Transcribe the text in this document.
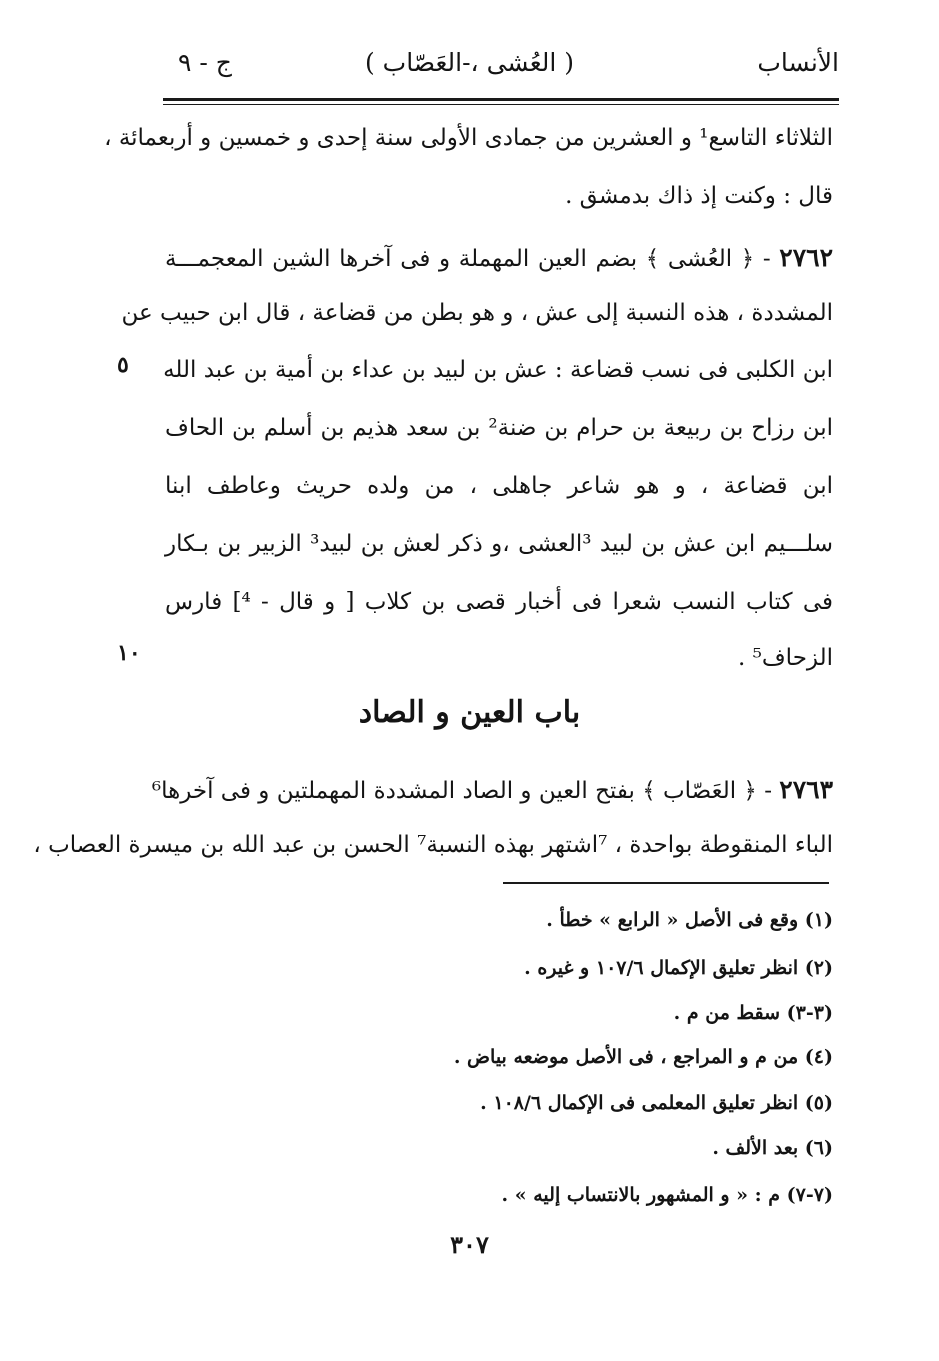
الأنساب
( العُشى ،-العَصّاب )
ج - ٩
الثلاثاء التاسع¹ و العشرين من جمادى الأولى سنة إحدى و خمسين و أربعمائة ،
قال : وكنت إذ ذاك بدمشق .
٢٧٦٢ - ﴿ العُشى ﴾ بضم العين المهملة و فى آخرها الشين المعجمـــة
المشددة ، هذه النسبة إلى عش ، و هو بطن من قضاعة ، قال ابن حبيب عن
ابن الكلبى فى نسب قضاعة : عش بن لبيد بن عداء بن أمية بن عبد الله
ابن رزاح بن ربيعة بن حرام بن ضنة² بن سعد هذيم بن أسلم بن الحاف
ابن قضاعة ، و هو شاعر جاهلى ، من ولده حريث وعاطف ابنا
سلـــيم ابن عش بن لبيد ³العشى ،و ذكر لعش بن لبيد³ الزبير بن بـكار
فى كتاب النسب شعرا فى أخبار قصى بن كلاب [ و قال - ⁴] فارس
الزحاف⁵ .
٥
١٠
باب العين و الصاد
٢٧٦٣ - ﴿ العَصّاب ﴾ بفتح العين و الصاد المشددة المهملتين و فى آخرها⁶
الباء المنقوطة بواحدة ، ⁷اشتهر بهذه النسبة⁷ الحسن بن عبد الله بن ميسرة العصاب ،
(١) وقع فى الأصل « الرابع » خطأ .
(٢) انظر تعليق الإكمال ١٠٧/٦ و غيره .
(٣-٣) سقط من م .
(٤) من م و المراجع ، فى الأصل موضعه بياض .
(٥) انظر تعليق المعلمى فى الإكمال ١٠٨/٦ .
(٦) بعد الألف .
(٧-٧) م : « و المشهور بالانتساب إليه » .
٣٠٧
